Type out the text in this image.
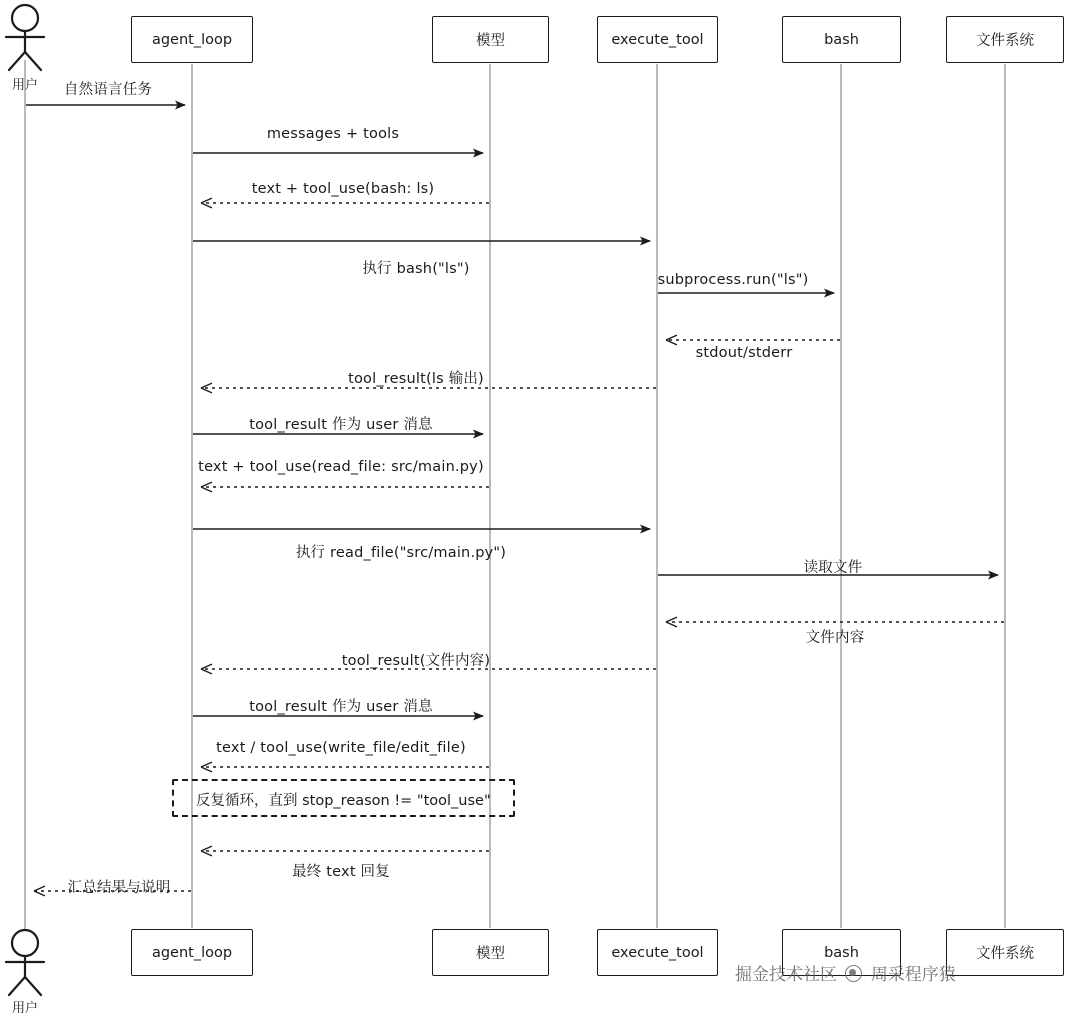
agent_loop	模型	execute_tool	bash	文件系统
agent_loop	模型	execute_tool	bash	文件系统
用户
用户
自然语言任务
messages + tools
text + tool_use(bash: ls)
执行 bash("ls")
subprocess.run("ls")
stdout/stderr
tool_result(ls 输出)
tool_result 作为 user 消息
text + tool_use(read_file: src/main.py)
执行 read_file("src/main.py")
读取文件
文件内容
tool_result(文件内容)
tool_result 作为 user 消息
text / tool_use(write_file/edit_file)
最终 text 回复
汇总结果与说明
反复循环，直到 stop_reason != "tool_use"
掘金技术社区 周采程序猿
